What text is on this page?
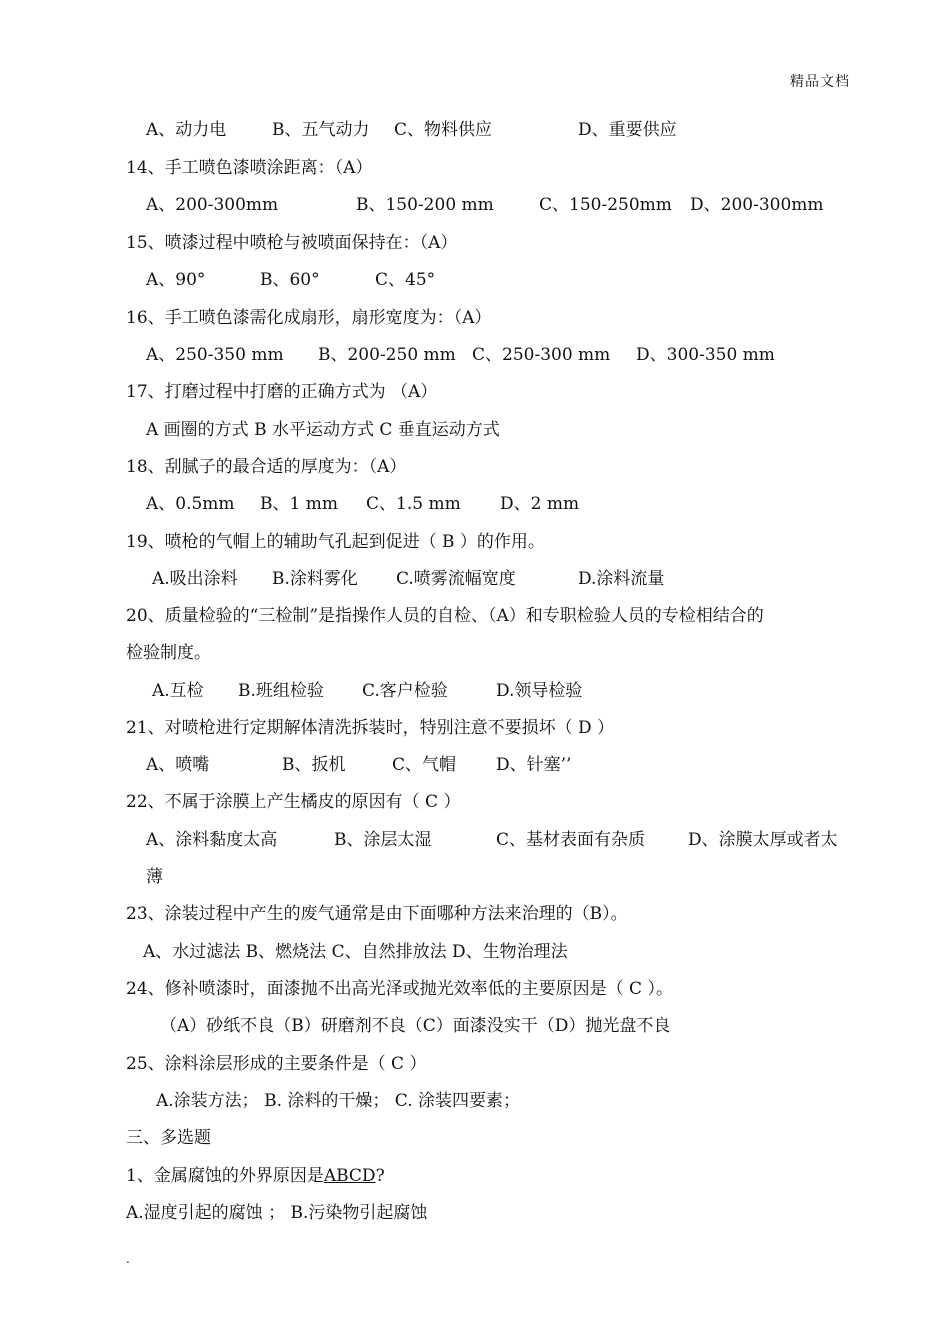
精品文档
A、动力电	B、五气动力 C、物料供应	D、重要供应
14、手工喷色漆喷涂距离：（A）
A、200-300mm	B、150-200 mm	C、150-250mm D、200-300mm
15、喷漆过程中喷枪与被喷面保持在：（A）
A、90°	B、60°	C、45°
16、手工喷色漆需化成扇形，扇形宽度为：（A）
A、250-350 mm B、200-250 mm C、250-300 mm D、300-350 mm
17、打磨过程中打磨的正确方式为 （A）
A 画圈的方式 B 水平运动方式 C 垂直运动方式
18、刮腻子的最合适的厚度为：（A）
A、0.5mm B、1 mm C、1.5 mm D、2 mm
19、喷枪的气帽上的辅助气孔起到促进（ B ）的作用。
A.吸出涂料 B.涂料雾化 C.喷雾流幅宽度	D.涂料流量
20、质量检验的“三检制”是指操作人员的自检、（A）和专职检验人员的专检相结合的
检验制度。
A.互检 B.班组检验 C.客户检验	D.领导检验
21、对喷枪进行定期解体清洗拆装时，特别注意不要损坏（ D ）
A、喷嘴	B、扳机	C、气帽 D、针塞’’
22、不属于涂膜上产生橘皮的原因有（ C ）
A、涂料黏度太高	B、涂层太湿	C、基材表面有杂质	D、涂膜太厚或者太
薄
23、涂装过程中产生的废气通常是由下面哪种方法来治理的（B）。
A、水过滤法 B、燃烧法 C、自然排放法 D、生物治理法
24、修补喷漆时，面漆抛不出高光泽或抛光效率低的主要原因是（ C ）。
（A）砂纸不良（B）研磨剂不良（C）面漆没实干（D）抛光盘不良
25、涂料涂层形成的主要条件是（ C ）
A.涂装方法； B. 涂料的干燥； C. 涂装四要素；
三、多选题
1、金属腐蚀的外界原因是ABCD?
A.湿度引起的腐蚀 ； B.污染物引起腐蚀
.
